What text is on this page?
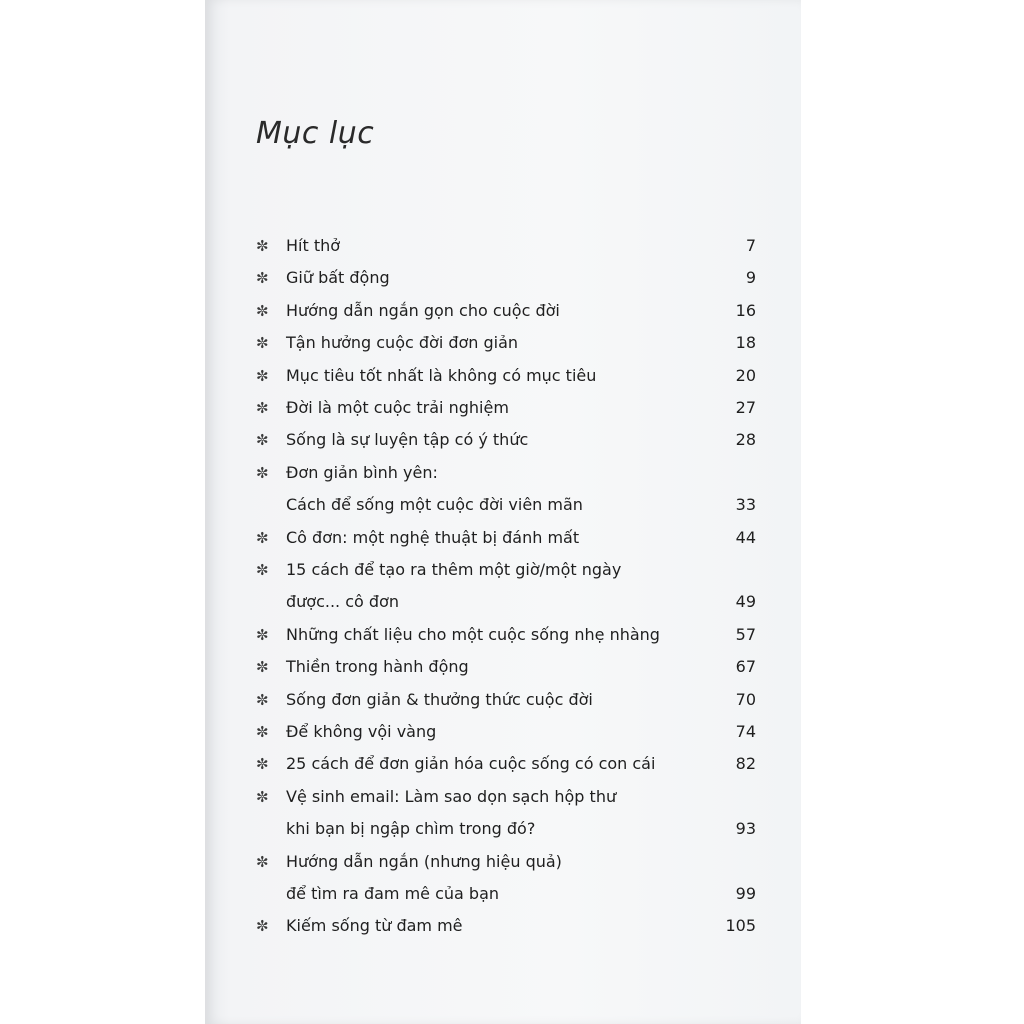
Mục lục
✼ Hít thở	7
✼ Giữ bất động	9
✼ Hướng dẫn ngắn gọn cho cuộc đời	16
✼ Tận hưởng cuộc đời đơn giản	18
✼ Mục tiêu tốt nhất là không có mục tiêu	20
✼ Đời là một cuộc trải nghiệm	27
✼ Sống là sự luyện tập có ý thức	28
✼ Đơn giản bình yên:
Cách để sống một cuộc đời viên mãn	33
✼ Cô đơn: một nghệ thuật bị đánh mất	44
✼ 15 cách để tạo ra thêm một giờ/một ngày
được... cô đơn	49
✼ Những chất liệu cho một cuộc sống nhẹ nhàng	57
✼ Thiền trong hành động	67
✼ Sống đơn giản & thưởng thức cuộc đời	70
✼ Để không vội vàng	74
✼ 25 cách để đơn giản hóa cuộc sống có con cái	82
✼ Vệ sinh email: Làm sao dọn sạch hộp thư
khi bạn bị ngập chìm trong đó?	93
✼ Hướng dẫn ngắn (nhưng hiệu quả)
để tìm ra đam mê của bạn	99
✼ Kiếm sống từ đam mê	105
